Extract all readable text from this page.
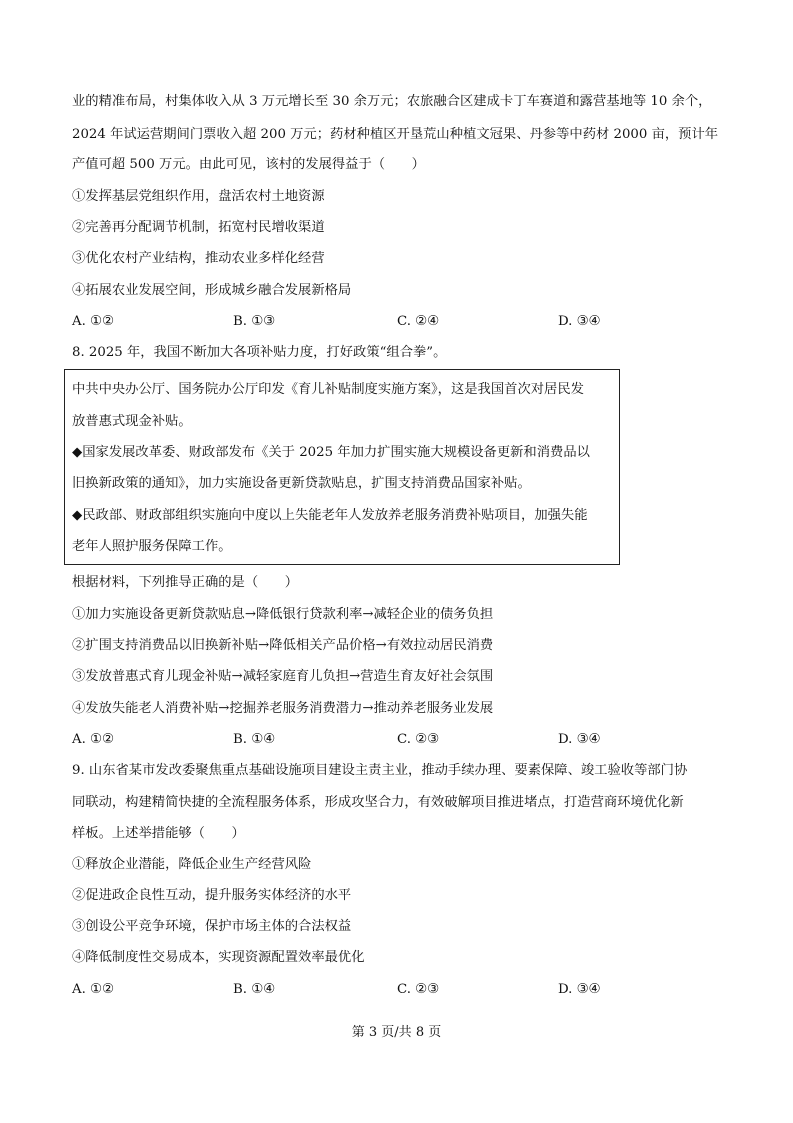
业的精准布局，村集体收入从 3 万元增长至 30 余万元；农旅融合区建成卡丁车赛道和露营基地等 10 余个，
2024 年试运营期间门票收入超 200 万元；药材种植区开垦荒山种植文冠果、丹参等中药材 2000 亩，预计年
产值可超 500 万元。由此可见，该村的发展得益于（　　）
①发挥基层党组织作用，盘活农村土地资源
②完善再分配调节机制，拓宽村民增收渠道
③优化农村产业结构，推动农业多样化经营
④拓展农业发展空间，形成城乡融合发展新格局
A. ①②	B. ①③	C. ②④	D. ③④
8. 2025 年，我国不断加大各项补贴力度，打好政策“组合拳”。
中共中央办公厅、国务院办公厅印发《育儿补贴制度实施方案》，这是我国首次对居民发
放普惠式现金补贴。
◆国家发展改革委、财政部发布《关于 2025 年加力扩围实施大规模设备更新和消费品以
旧换新政策的通知》，加力实施设备更新贷款贴息，扩围支持消费品国家补贴。
◆民政部、财政部组织实施向中度以上失能老年人发放养老服务消费补贴项目，加强失能
老年人照护服务保障工作。
根据材料，下列推导正确的是（　　）
①加力实施设备更新贷款贴息→降低银行贷款利率→减轻企业的债务负担
②扩围支持消费品以旧换新补贴→降低相关产品价格→有效拉动居民消费
③发放普惠式育儿现金补贴→减轻家庭育儿负担→营造生育友好社会氛围
④发放失能老人消费补贴→挖掘养老服务消费潜力→推动养老服务业发展
A. ①②	B. ①④	C. ②③	D. ③④
9. 山东省某市发改委聚焦重点基础设施项目建设主责主业，推动手续办理、要素保障、竣工验收等部门协
同联动，构建精简快捷的全流程服务体系，形成攻坚合力，有效破解项目推进堵点，打造营商环境优化新
样板。上述举措能够（　　）
①释放企业潜能，降低企业生产经营风险
②促进政企良性互动，提升服务实体经济的水平
③创设公平竞争环境，保护市场主体的合法权益
④降低制度性交易成本，实现资源配置效率最优化
A. ①②	B. ①④	C. ②③	D. ③④
第 3 页/共 8 页
